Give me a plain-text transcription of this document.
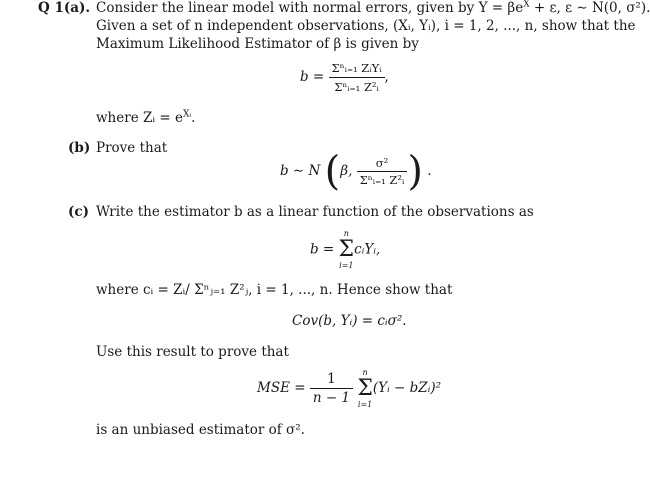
Q 1(a). Consider the linear model with normal errors, given by $Y = \beta e^X + \varepsilon$, ε ∼ N(0, σ²).
Given a set of n independent observations, (Xᵢ, Yᵢ), i = 1, 2, ..., n, show that the
Maximum Likelihood Estimator of β is given by
$b = \frac{\text{Σⁿᵢ₌₁ ZᵢYᵢ}}{\text{Σⁿᵢ₌₁ Z²ᵢ}}$ ,
where Zᵢ = $e^{Xᵢ}$.
(b) Prove that
b ∼ N (β, $\frac{\text{σ²}}{\text{Σⁿᵢ₌₁ Z²ᵢ}}$ ) .
(c) Write the estimator b as a linear function of the observations as
b =
n
Σ
i=1
cᵢYᵢ,
where cᵢ = Zᵢ/ Σⁿⱼ₌₁ Z²ⱼ, i = 1, ..., n. Hence show that
Cov(b, Yᵢ) = cᵢσ².
Use this result to prove that
MSE = $\frac{1}{n - 1}$
	n
Σ
i=1
(Yᵢ − bZᵢ)²
is an unbiased estimator of σ².
